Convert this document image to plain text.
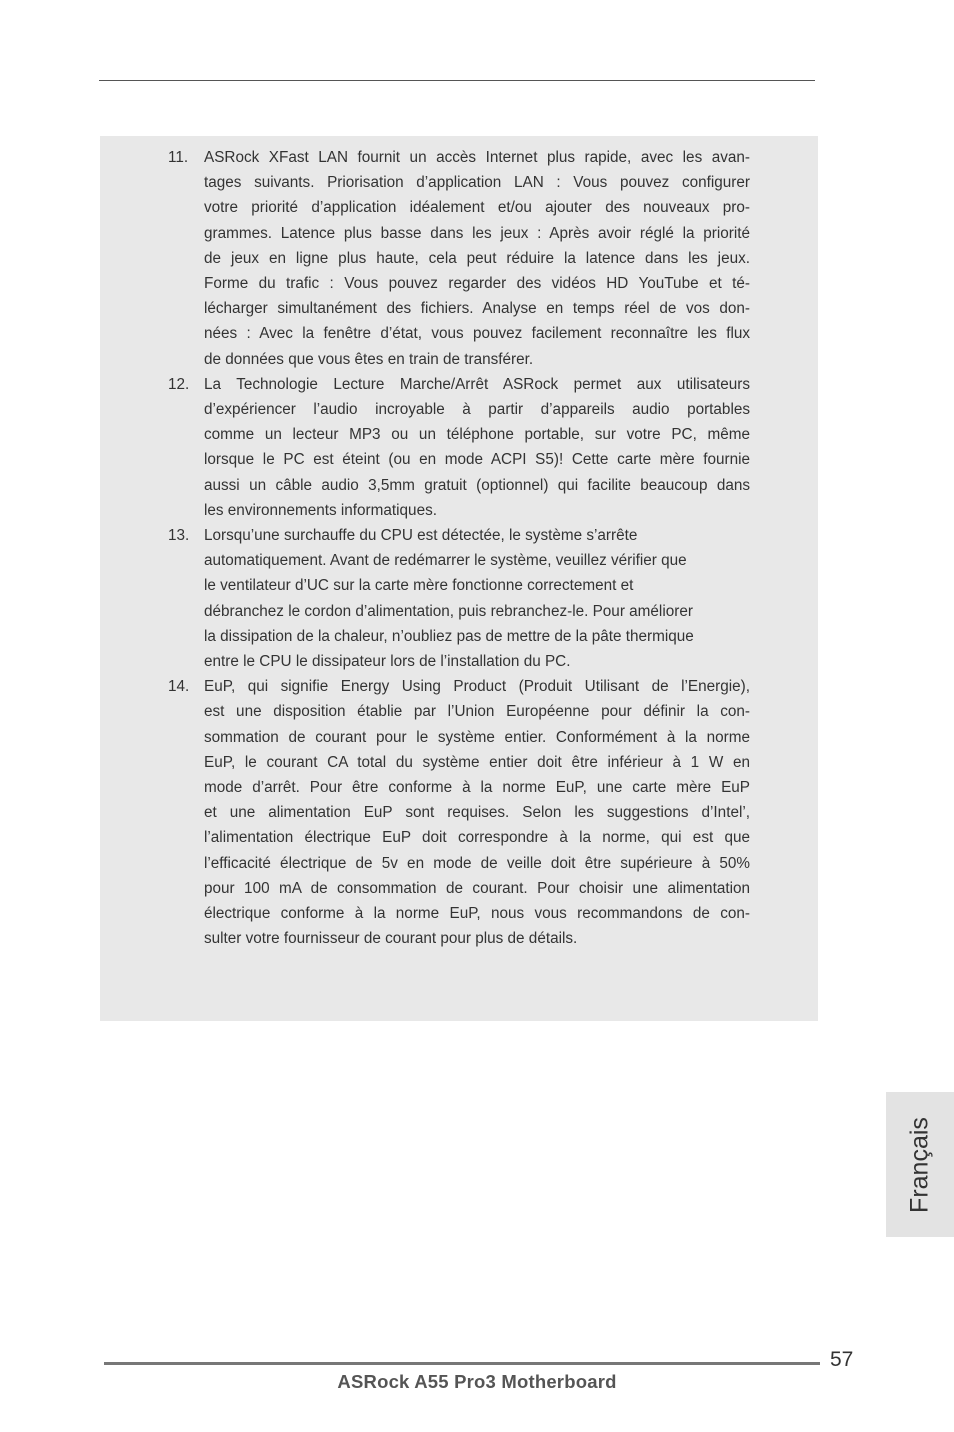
11. ASRock XFast LAN fournit un accès Internet plus rapide, avec les avan-
tages suivants. Priorisation d’application LAN : Vous pouvez configurer
votre priorité d’application idéalement et/ou ajouter des nouveaux pro-
grammes. Latence plus basse dans les jeux : Après avoir réglé la priorité
de jeux en ligne plus haute, cela peut réduire la latence dans les jeux.
Forme du trafic : Vous pouvez regarder des vidéos HD YouTube et té-
lécharger simultanément des fichiers. Analyse en temps réel de vos don-
nées : Avec la fenêtre d’état, vous pouvez facilement reconnaître les flux
de données que vous êtes en train de transférer.

12. La Technologie Lecture Marche/Arrêt ASRock permet aux utilisateurs
d’expériencer l’audio incroyable à partir d’appareils audio portables
comme un lecteur MP3 ou un téléphone portable, sur votre PC, même
lorsque le PC est éteint (ou en mode ACPI S5)! Cette carte mère fournie
aussi un câble audio 3,5mm gratuit (optionnel) qui facilite beaucoup dans
les environnements informatiques.

13. Lorsqu’une surchauffe du CPU est détectée, le système s’arrête
automatiquement. Avant de redémarrer le système, veuillez vérifier que
le ventilateur d’UC sur la carte mère fonctionne correctement et
débranchez le cordon d’alimentation, puis rebranchez-le. Pour améliorer
la dissipation de la chaleur, n’oubliez pas de mettre de la pâte thermique
entre le CPU le dissipateur lors de l’installation du PC.

14. EuP, qui signifie Energy Using Product (Produit Utilisant de l’Energie),
est une disposition établie par l’Union Européenne pour définir la con-
sommation de courant pour le système entier. Conformément à la norme
EuP, le courant CA total du système entier doit être inférieur à 1 W en
mode d’arrêt. Pour être conforme à la norme EuP, une carte mère EuP
et une alimentation EuP sont requises. Selon les suggestions d’Intel’,
l’alimentation électrique EuP doit correspondre à la norme, qui est que
l’efficacité électrique de 5v en mode de veille doit être supérieure à 50%
pour 100 mA de consommation de courant. Pour choisir une alimentation
électrique conforme à la norme EuP, nous vous recommandons de con-
sulter votre fournisseur de courant pour plus de détails.

Français
57
ASRock A55 Pro3 Motherboard
